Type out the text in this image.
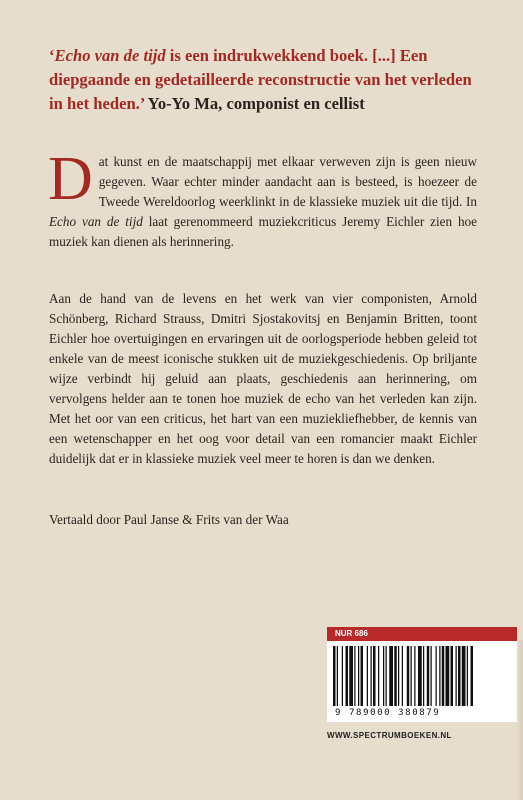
‘Echo van de tijd is een indrukwekkend boek. [...] Een diepgaande en gedetailleerde reconstructie van het verleden in het heden.’ Yo-Yo Ma, componist en cellist

Dat kunst en de maatschappij met elkaar verweven zijn is geen nieuw gegeven. Waar echter minder aandacht aan is besteed, is hoezeer de Tweede Wereldoorlog weerklinkt in de klassieke muziek uit die tijd. In Echo van de tijd laat gerenommeerd muziekcriticus Jeremy Eichler zien hoe muziek kan dienen als herinnering.

Aan de hand van de levens en het werk van vier componisten, Arnold Schönberg, Richard Strauss, Dmitri Sjostakovitsj en Benjamin Britten, toont Eichler hoe overtuigingen en ervaringen uit de oorlogsperiode hebben geleid tot enkele van de meest iconische stukken uit de muziekgeschiedenis. Op briljante wijze verbindt hij geluid aan plaats, geschiedenis aan herinnering, om vervolgens helder aan te tonen hoe muziek de echo van het verleden kan zijn. Met het oor van een criticus, het hart van een muziekliefhebber, de kennis van een wetenschapper en het oog voor detail van een romancier maakt Eichler duidelijk dat er in klassieke muziek veel meer te horen is dan we denken.

Vertaald door Paul Janse & Frits van der Waa

NUR 686
9 789000 380879
WWW.SPECTRUMBOEKEN.NL
